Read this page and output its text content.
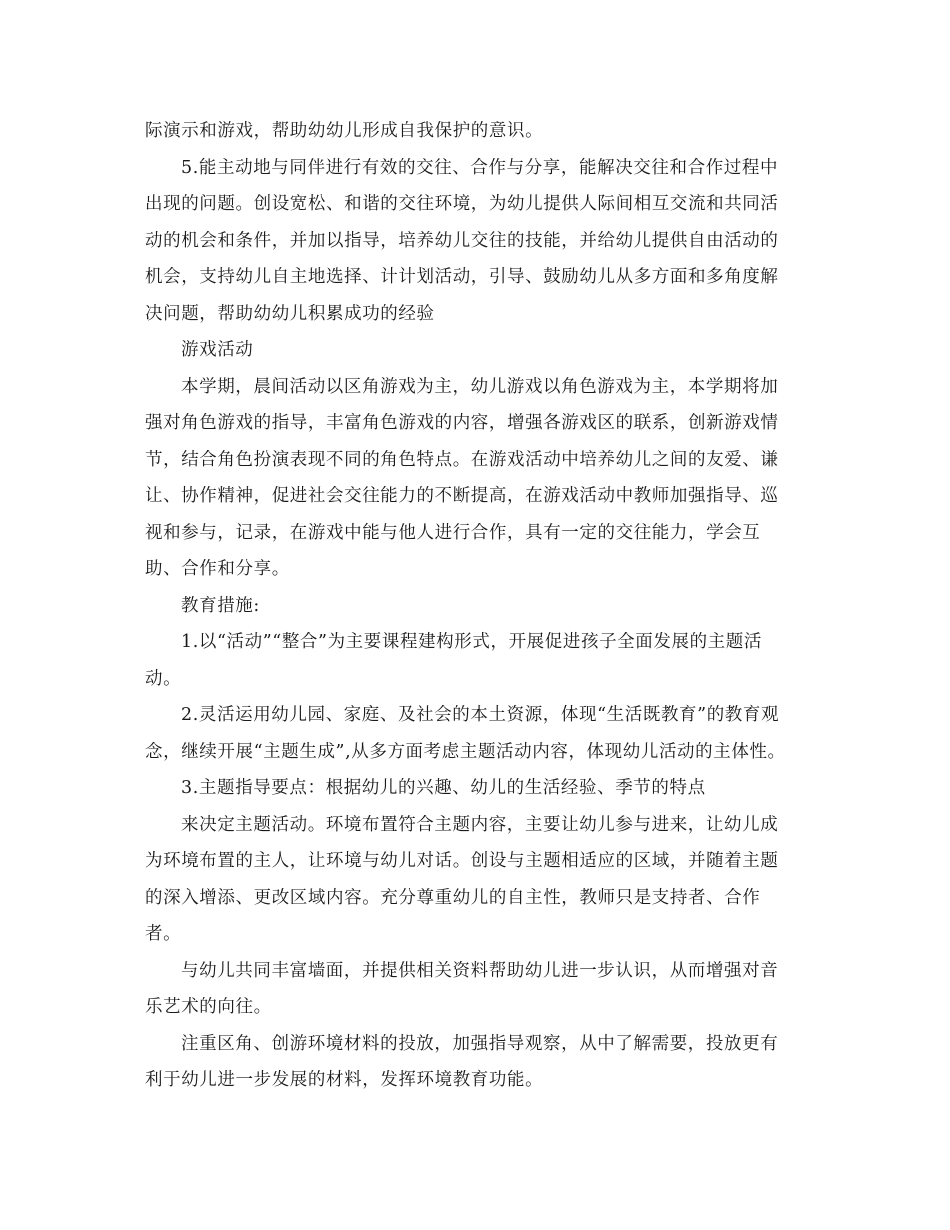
际演示和游戏，帮助幼幼儿形成自我保护的意识。
5.能主动地与同伴进行有效的交往、合作与分享，能解决交往和合作过程中
出现的问题。创设宽松、和谐的交往环境，为幼儿提供人际间相互交流和共同活
动的机会和条件，并加以指导，培养幼儿交往的技能，并给幼儿提供自由活动的
机会，支持幼儿自主地选择、计计划活动，引导、鼓励幼儿从多方面和多角度解
决问题，帮助幼幼儿积累成功的经验
游戏活动
本学期，晨间活动以区角游戏为主，幼儿游戏以角色游戏为主，本学期将加
强对角色游戏的指导，丰富角色游戏的内容，增强各游戏区的联系，创新游戏情
节，结合角色扮演表现不同的角色特点。在游戏活动中培养幼儿之间的友爱、谦
让、协作精神，促进社会交往能力的不断提高，在游戏活动中教师加强指导、巡
视和参与，记录，在游戏中能与他人进行合作，具有一定的交往能力，学会互
助、合作和分享。
教育措施:
1.以“活动”“整合”为主要课程建构形式，开展促进孩子全面发展的主题活
动。
2.灵活运用幼儿园、家庭、及社会的本土资源，体现“生活既教育”的教育观
念，继续开展“主题生成”,从多方面考虑主题活动内容，体现幼儿活动的主体性。
3.主题指导要点：根据幼儿的兴趣、幼儿的生活经验、季节的特点
来决定主题活动。环境布置符合主题内容，主要让幼儿参与进来，让幼儿成
为环境布置的主人，让环境与幼儿对话。创设与主题相适应的区域，并随着主题
的深入增添、更改区域内容。充分尊重幼儿的自主性，教师只是支持者、合作
者。
与幼儿共同丰富墙面，并提供相关资料帮助幼儿进一步认识，从而增强对音
乐艺术的向往。
注重区角、创游环境材料的投放，加强指导观察，从中了解需要，投放更有
利于幼儿进一步发展的材料，发挥环境教育功能。
